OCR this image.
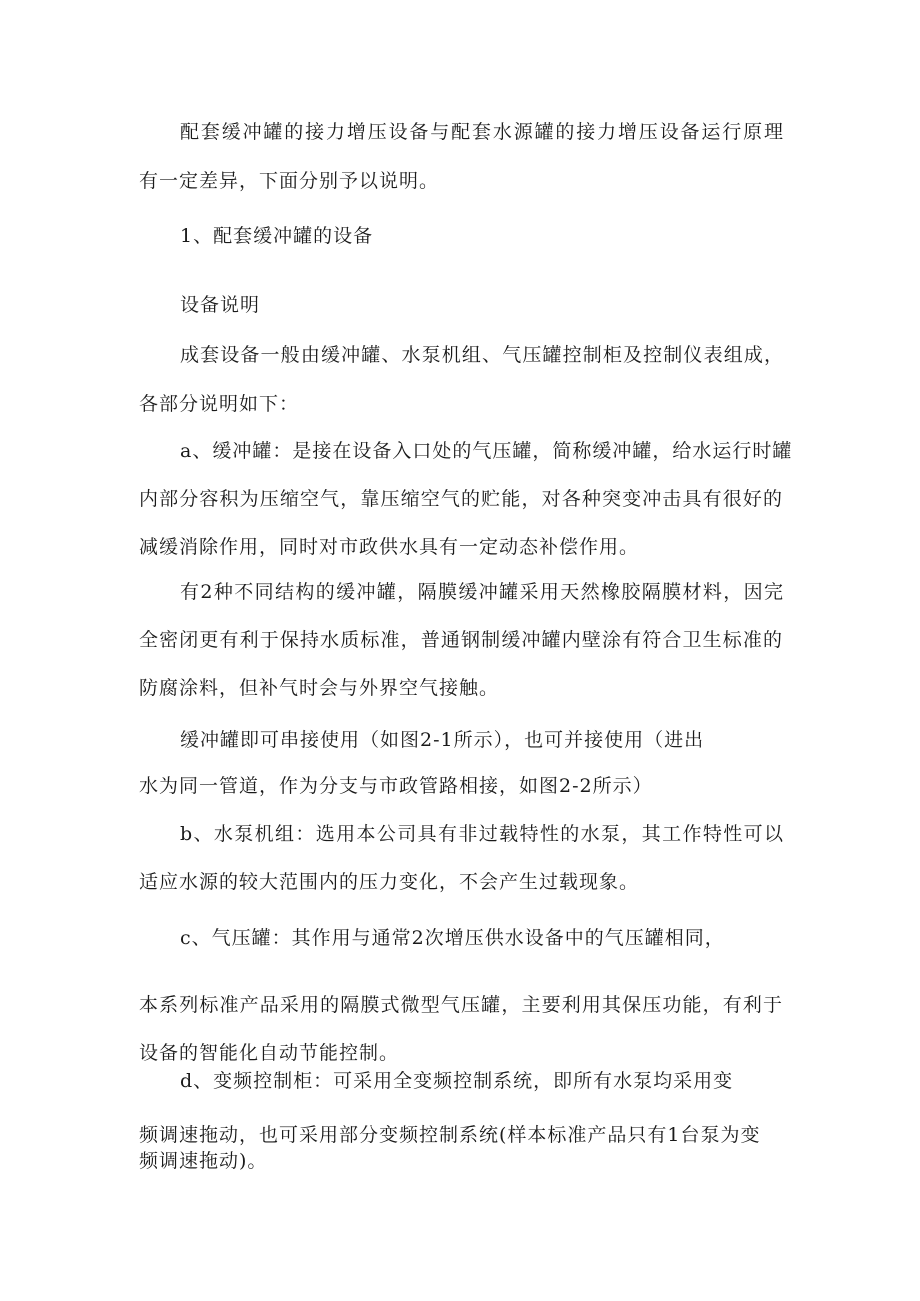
配套缓冲罐的接力增压设备与配套水源罐的接力增压设备运行原理
有一定差异，下面分别予以说明。
1、配套缓冲罐的设备
设备说明
成套设备一般由缓冲罐、水泵机组、气压罐控制柜及控制仪表组成，
各部分说明如下：
a、缓冲罐：是接在设备入口处的气压罐，简称缓冲罐，给水运行时罐
内部分容积为压缩空气，靠压缩空气的贮能，对各种突变冲击具有很好的
减缓消除作用，同时对市政供水具有一定动态补偿作用。
有2种不同结构的缓冲罐，隔膜缓冲罐采用天然橡胶隔膜材料，因完
全密闭更有利于保持水质标准，普通钢制缓冲罐内壁涂有符合卫生标准的
防腐涂料，但补气时会与外界空气接触。
缓冲罐即可串接使用（如图2-1所示），也可并接使用（进出
水为同一管道，作为分支与市政管路相接，如图2-2所示）
b、水泵机组：选用本公司具有非过载特性的水泵，其工作特性可以
适应水源的较大范围内的压力变化，不会产生过载现象。
c、气压罐：其作用与通常2次增压供水设备中的气压罐相同，
本系列标准产品采用的隔膜式微型气压罐，主要利用其保压功能，有利于
设备的智能化自动节能控制。
d、变频控制柜：可采用全变频控制系统，即所有水泵均采用变
频调速拖动，也可采用部分变频控制系统(样本标准产品只有1台泵为变
频调速拖动)。
